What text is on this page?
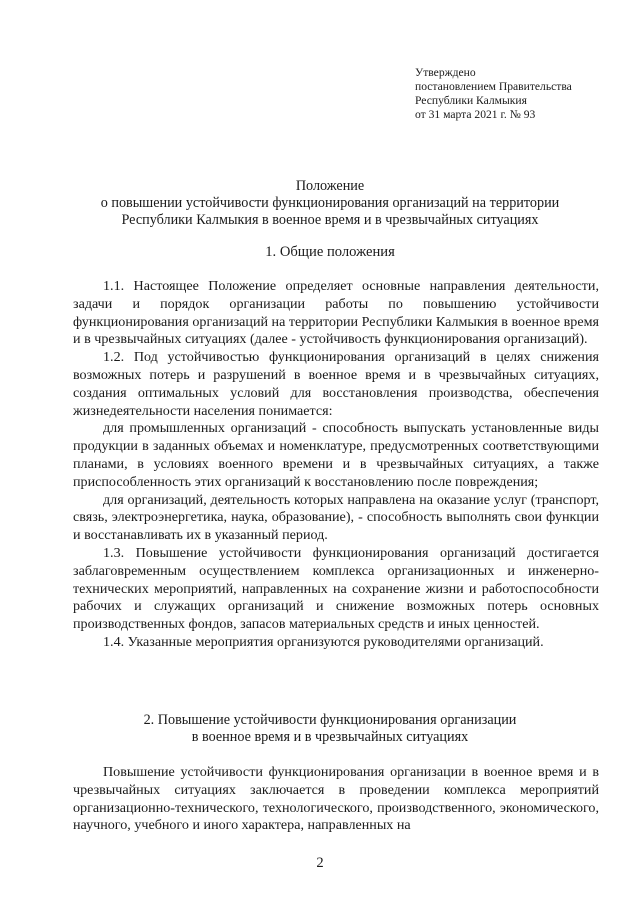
Утверждено
постановлением Правительства
Республики Калмыкия
от 31 марта 2021 г. № 93
Положение
о повышении устойчивости функционирования организаций на территории
Республики Калмыкия в военное время и в чрезвычайных ситуациях
1. Общие положения

1.1. Настоящее Положение определяет основные направления деятельности, задачи и порядок организации работы по повышению устойчивости функционирования организаций на территории Республики Калмыкия в военное время и в чрезвычайных ситуациях (далее - устойчивость функционирования организаций).

1.2. Под устойчивостью функционирования организаций в целях снижения возможных потерь и разрушений в военное время и в чрезвычайных ситуациях, создания оптимальных условий для восстановления производства, обеспечения жизнедеятельности населения понимается:

для промышленных организаций - способность выпускать установленные виды продукции в заданных объемах и номенклатуре, предусмотренных соответствующими планами, в условиях военного времени и в чрезвычайных ситуациях, а также приспособленность этих организаций к восстановлению после повреждения;

для организаций, деятельность которых направлена на оказание услуг (транспорт, связь, электроэнергетика, наука, образование), - способность выполнять свои функции и восстанавливать их в указанный период.

1.3. Повышение устойчивости функционирования организаций достигается заблаговременным осуществлением комплекса организационных и инженерно-технических мероприятий, направленных на сохранение жизни и работоспособности рабочих и служащих организаций и снижение возможных потерь основных производственных фондов, запасов материальных средств и иных ценностей.

1.4. Указанные мероприятия организуются руководителями организаций.

2. Повышение устойчивости функционирования организации
в военное время и в чрезвычайных ситуациях

Повышение устойчивости функционирования организации в военное время и в чрезвычайных ситуациях заключается в проведении комплекса мероприятий организационно-технического, технологического, производственного, экономического, научного, учебного и иного характера, направленных на

2
